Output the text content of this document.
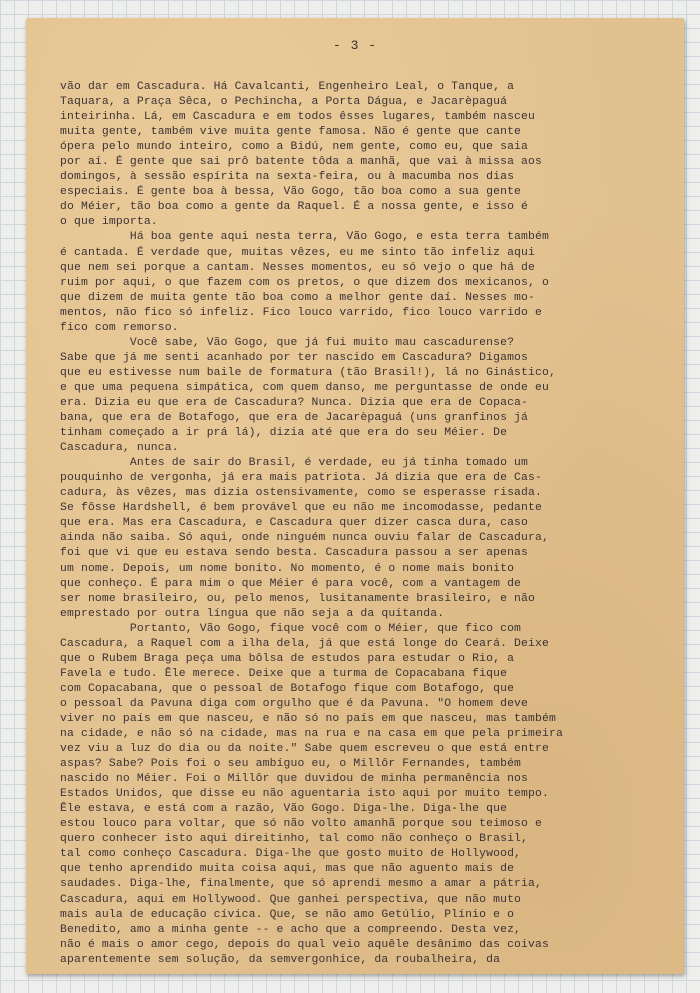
- 3 -
vão dar em Cascadura. Há Cavalcanti, Engenheiro Leal, o Tanque, a
Taquara, a Praça Sêca, o Pechincha, a Porta Dágua, e Jacarèpaguá
inteirinha. Lá, em Cascadura e em todos êsses lugares, também nasceu
muita gente, também vive muita gente famosa. Não é gente que cante
ópera pelo mundo inteiro, como a Bidú, nem gente, como eu, que saia
por aí. É gente que sai prô batente tôda a manhã, que vai à missa aos
domingos, à sessão espírita na sexta-feira, ou à macumba nos dias
especiais. É gente boa à bessa, Vão Gogo, tão boa como a sua gente
do Méier, tão boa como a gente da Raquel. É a nossa gente, e isso é
o que importa.
Há boa gente aqui nesta terra, Vão Gogo, e esta terra também
é cantada. É verdade que, muitas vêzes, eu me sinto tão infeliz aqui
que nem sei porque a cantam. Nesses momentos, eu só vejo o que há de
ruim por aqui, o que fazem com os pretos, o que dizem dos mexicanos, o
que dizem de muita gente tão boa como a melhor gente daí. Nesses mo-
mentos, não fico só infeliz. Fico louco varrido, fico louco varrido e
fico com remorso.
Você sabe, Vão Gogo, que já fui muito mau cascadurense?
Sabe que já me senti acanhado por ter nascido em Cascadura? Digamos
que eu estivesse num baile de formatura (tão Brasil!), lá no Ginástico,
e que uma pequena simpática, com quem danso, me perguntasse de onde eu
era. Dizia eu que era de Cascadura? Nunca. Dizia que era de Copaca-
bana, que era de Botafogo, que era de Jacarèpaguá (uns granfinos já
tinham começado a ir prá lá), dizia até que era do seu Méier. De
Cascadura, nunca.
Antes de sair do Brasil, é verdade, eu já tinha tomado um
pouquinho de vergonha, já era mais patriota. Já dizia que era de Cas-
cadura, às vêzes, mas dizia ostensivamente, como se esperasse risada.
Se fôsse Hardshell, é bem provável que eu não me incomodasse, pedante
que era. Mas era Cascadura, e Cascadura quer dizer casca dura, caso
ainda não saiba. Só aqui, onde ninguém nunca ouviu falar de Cascadura,
foi que vi que eu estava sendo besta. Cascadura passou a ser apenas
um nome. Depois, um nome bonito. No momento, é o nome mais bonito
que conheço. É para mim o que Méier é para você, com a vantagem de
ser nome brasileiro, ou, pelo menos, lusitanamente brasileiro, e não
emprestado por outra língua que não seja a da quitanda.
Portanto, Vão Gogo, fique você com o Méier, que fico com
Cascadura, a Raquel com a ilha dela, já que está longe do Ceará. Deixe
que o Rubem Braga peça uma bôlsa de estudos para estudar o Rio, a
Favela e tudo. Êle merece. Deixe que a turma de Copacabana fique
com Copacabana, que o pessoal de Botafogo fique com Botafogo, que
o pessoal da Pavuna diga com orgulho que é da Pavuna. "O homem deve
viver no país em que nasceu, e não só no país em que nasceu, mas também
na cidade, e não só na cidade, mas na rua e na casa em que pela primeira
vez viu a luz do dia ou da noite." Sabe quem escreveu o que está entre
aspas? Sabe? Pois foi o seu ambíguo eu, o Millôr Fernandes, também
nascido no Méier. Foi o Millôr que duvidou de minha permanência nos
Estados Unidos, que disse eu não aguentaria isto aqui por muito tempo.
Êle estava, e está com a razão, Vão Gogo. Diga-lhe. Diga-lhe que
estou louco para voltar, que só não volto amanhã porque sou teimoso e
quero conhecer isto aqui direitinho, tal como não conheço o Brasil,
tal como conheço Cascadura. Diga-lhe que gosto muito de Hollywood,
que tenho aprendido muita coisa aqui, mas que não aguento mais de
saudades. Diga-lhe, finalmente, que só aprendi mesmo a amar a pátria,
Cascadura, aqui em Hollywood. Que ganhei perspectiva, que não muto
mais aula de educação cívica. Que, se não amo Getúlio, Plínio e o
Benedito, amo a minha gente -- e acho que a compreendo. Desta vez,
não é mais o amor cego, depois do qual veio aquêle desânimo das coivas
aparentemente sem solução, da semvergonhice, da roubalheira, da
